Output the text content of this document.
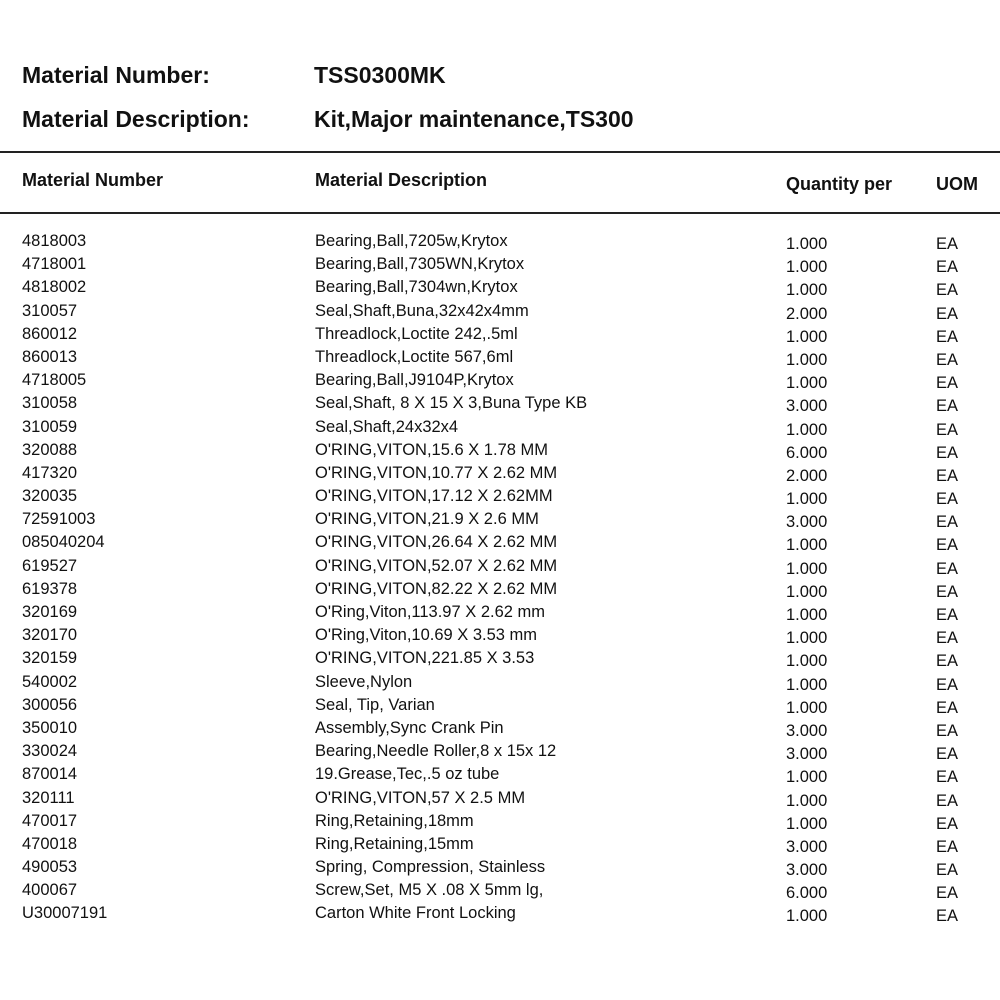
Material Number:	TSS0300MK
Material Description:	Kit,Major maintenance,TS300
Material Number	Material Description	Quantity per UOM
4818003	Bearing,Ball,7205w,Krytox	1.000	EA
4718001	Bearing,Ball,7305WN,Krytox	1.000	EA
4818002	Bearing,Ball,7304wn,Krytox	1.000	EA
310057	Seal,Shaft,Buna,32x42x4mm	2.000	EA
860012	Threadlock,Loctite 242,.5ml	1.000	EA
860013	Threadlock,Loctite 567,6ml	1.000	EA
4718005	Bearing,Ball,J9104P,Krytox	1.000	EA
310058	Seal,Shaft, 8 X 15 X 3,Buna Type KB	3.000	EA
310059	Seal,Shaft,24x32x4	1.000	EA
320088	O'RING,VITON,15.6 X 1.78 MM	6.000	EA
417320	O'RING,VITON,10.77 X 2.62 MM	2.000	EA
320035	O'RING,VITON,17.12 X 2.62MM	1.000	EA
72591003	O'RING,VITON,21.9 X 2.6 MM	3.000	EA
085040204	O'RING,VITON,26.64 X 2.62 MM	1.000	EA
619527	O'RING,VITON,52.07 X 2.62 MM	1.000	EA
619378	O'RING,VITON,82.22 X 2.62 MM	1.000	EA
320169	O'Ring,Viton,113.97 X 2.62 mm	1.000	EA
320170	O'Ring,Viton,10.69 X 3.53 mm	1.000	EA
320159	O'RING,VITON,221.85 X 3.53	1.000	EA
540002	Sleeve,Nylon	1.000	EA
300056	Seal, Tip, Varian	1.000	EA
350010	Assembly,Sync Crank Pin	3.000	EA
330024	Bearing,Needle Roller,8 x 15x 12	3.000	EA
870014	19.Grease,Tec,.5 oz tube	1.000	EA
320111	O'RING,VITON,57 X 2.5 MM	1.000	EA
470017	Ring,Retaining,18mm	1.000	EA
470018	Ring,Retaining,15mm	3.000	EA
490053	Spring, Compression, Stainless	3.000	EA
400067	Screw,Set, M5 X .08 X 5mm lg,	6.000	EA
U30007191	Carton White Front Locking	1.000	EA
